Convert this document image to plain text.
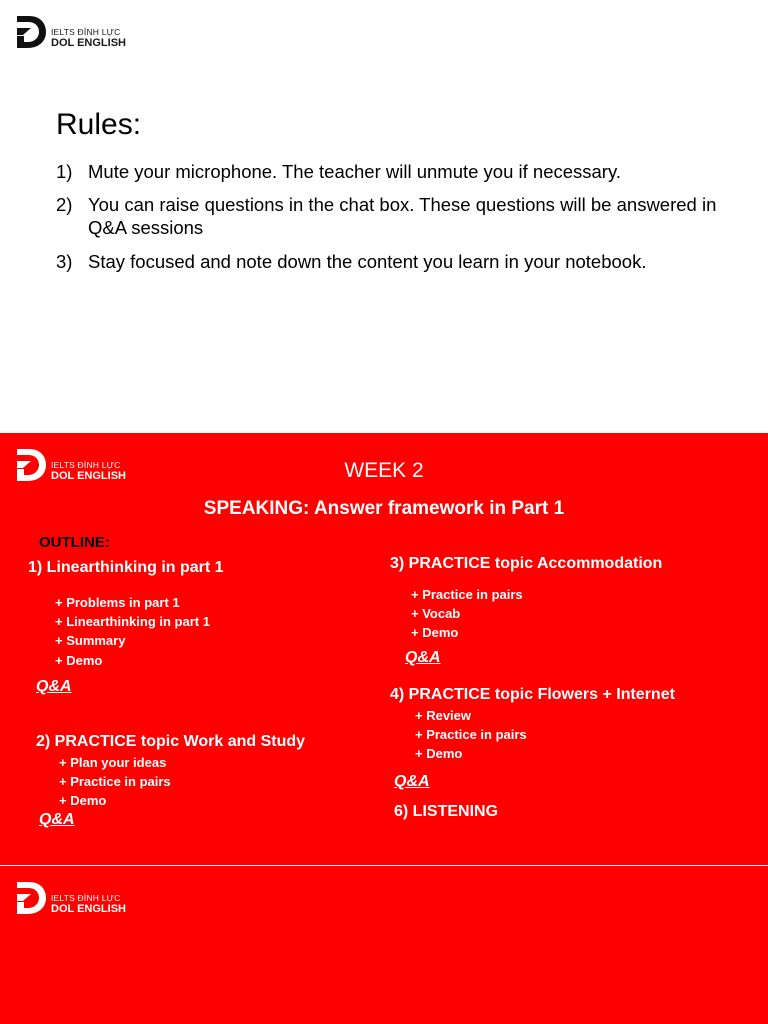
IELTS ĐÌNH LỰC
DOL ENGLISH
Rules:
1) Mute your microphone. The teacher will unmute you if necessary.
2) You can raise questions in the chat box. These questions will be answered in Q&A sessions
3) Stay focused and note down the content you learn in your notebook.
IELTS ĐÌNH LỰC
DOL ENGLISH	WEEK 2
SPEAKING: Answer framework in Part 1
OUTLINE:
1) Linearthinking in part 1
+ Problems in part 1
+ Linearthinking in part 1
+ Summary
+ Demo
Q&A
2) PRACTICE topic Work and Study
+ Plan your ideas
+ Practice in pairs
+ Demo
Q&A
3) PRACTICE topic Accommodation
+ Practice in pairs
+ Vocab
+ Demo
Q&A
4) PRACTICE topic Flowers + Internet
+ Review
+ Practice in pairs
+ Demo
Q&A
6) LISTENING
IELTS ĐÌNH LỰC
DOL ENGLISH
